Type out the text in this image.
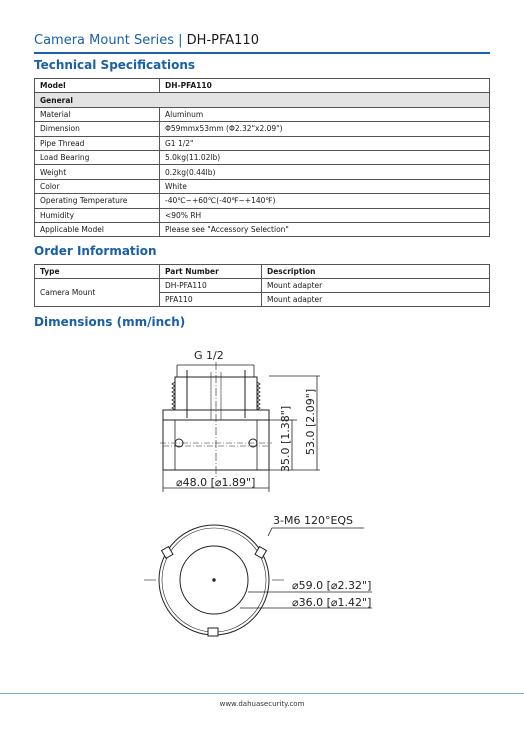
Camera Mount Series | DH-PFA110
Technical Specifications
Model	DH-PFA110
General	
Material	Aluminum
Dimension	Φ59mmx53mm (Φ2.32"x2.09")
Pipe Thread	G1 1/2"
Load Bearing	5.0kg(11.02lb)
Weight	0.2kg(0.44lb)
Color	White
Operating Temperature	-40℃~+60℃(-40℉~+140℉)
Humidity	<90% RH
Applicable Model	Please see "Accessory Selection"
Order Information
Type	Part Number	Description
Camera Mount	DH-PFA110	Mount adapter
	PFA110	Mount adapter
Dimensions (mm/inch)
G 1/2
⌀48.0 [⌀1.89"]
35.0 [1.38"] 53.0 [2.09"]
3-M6 120°EQS
⌀59.0 [⌀2.32"]
⌀36.0 [⌀1.42"]
www.dahuasecurity.com
